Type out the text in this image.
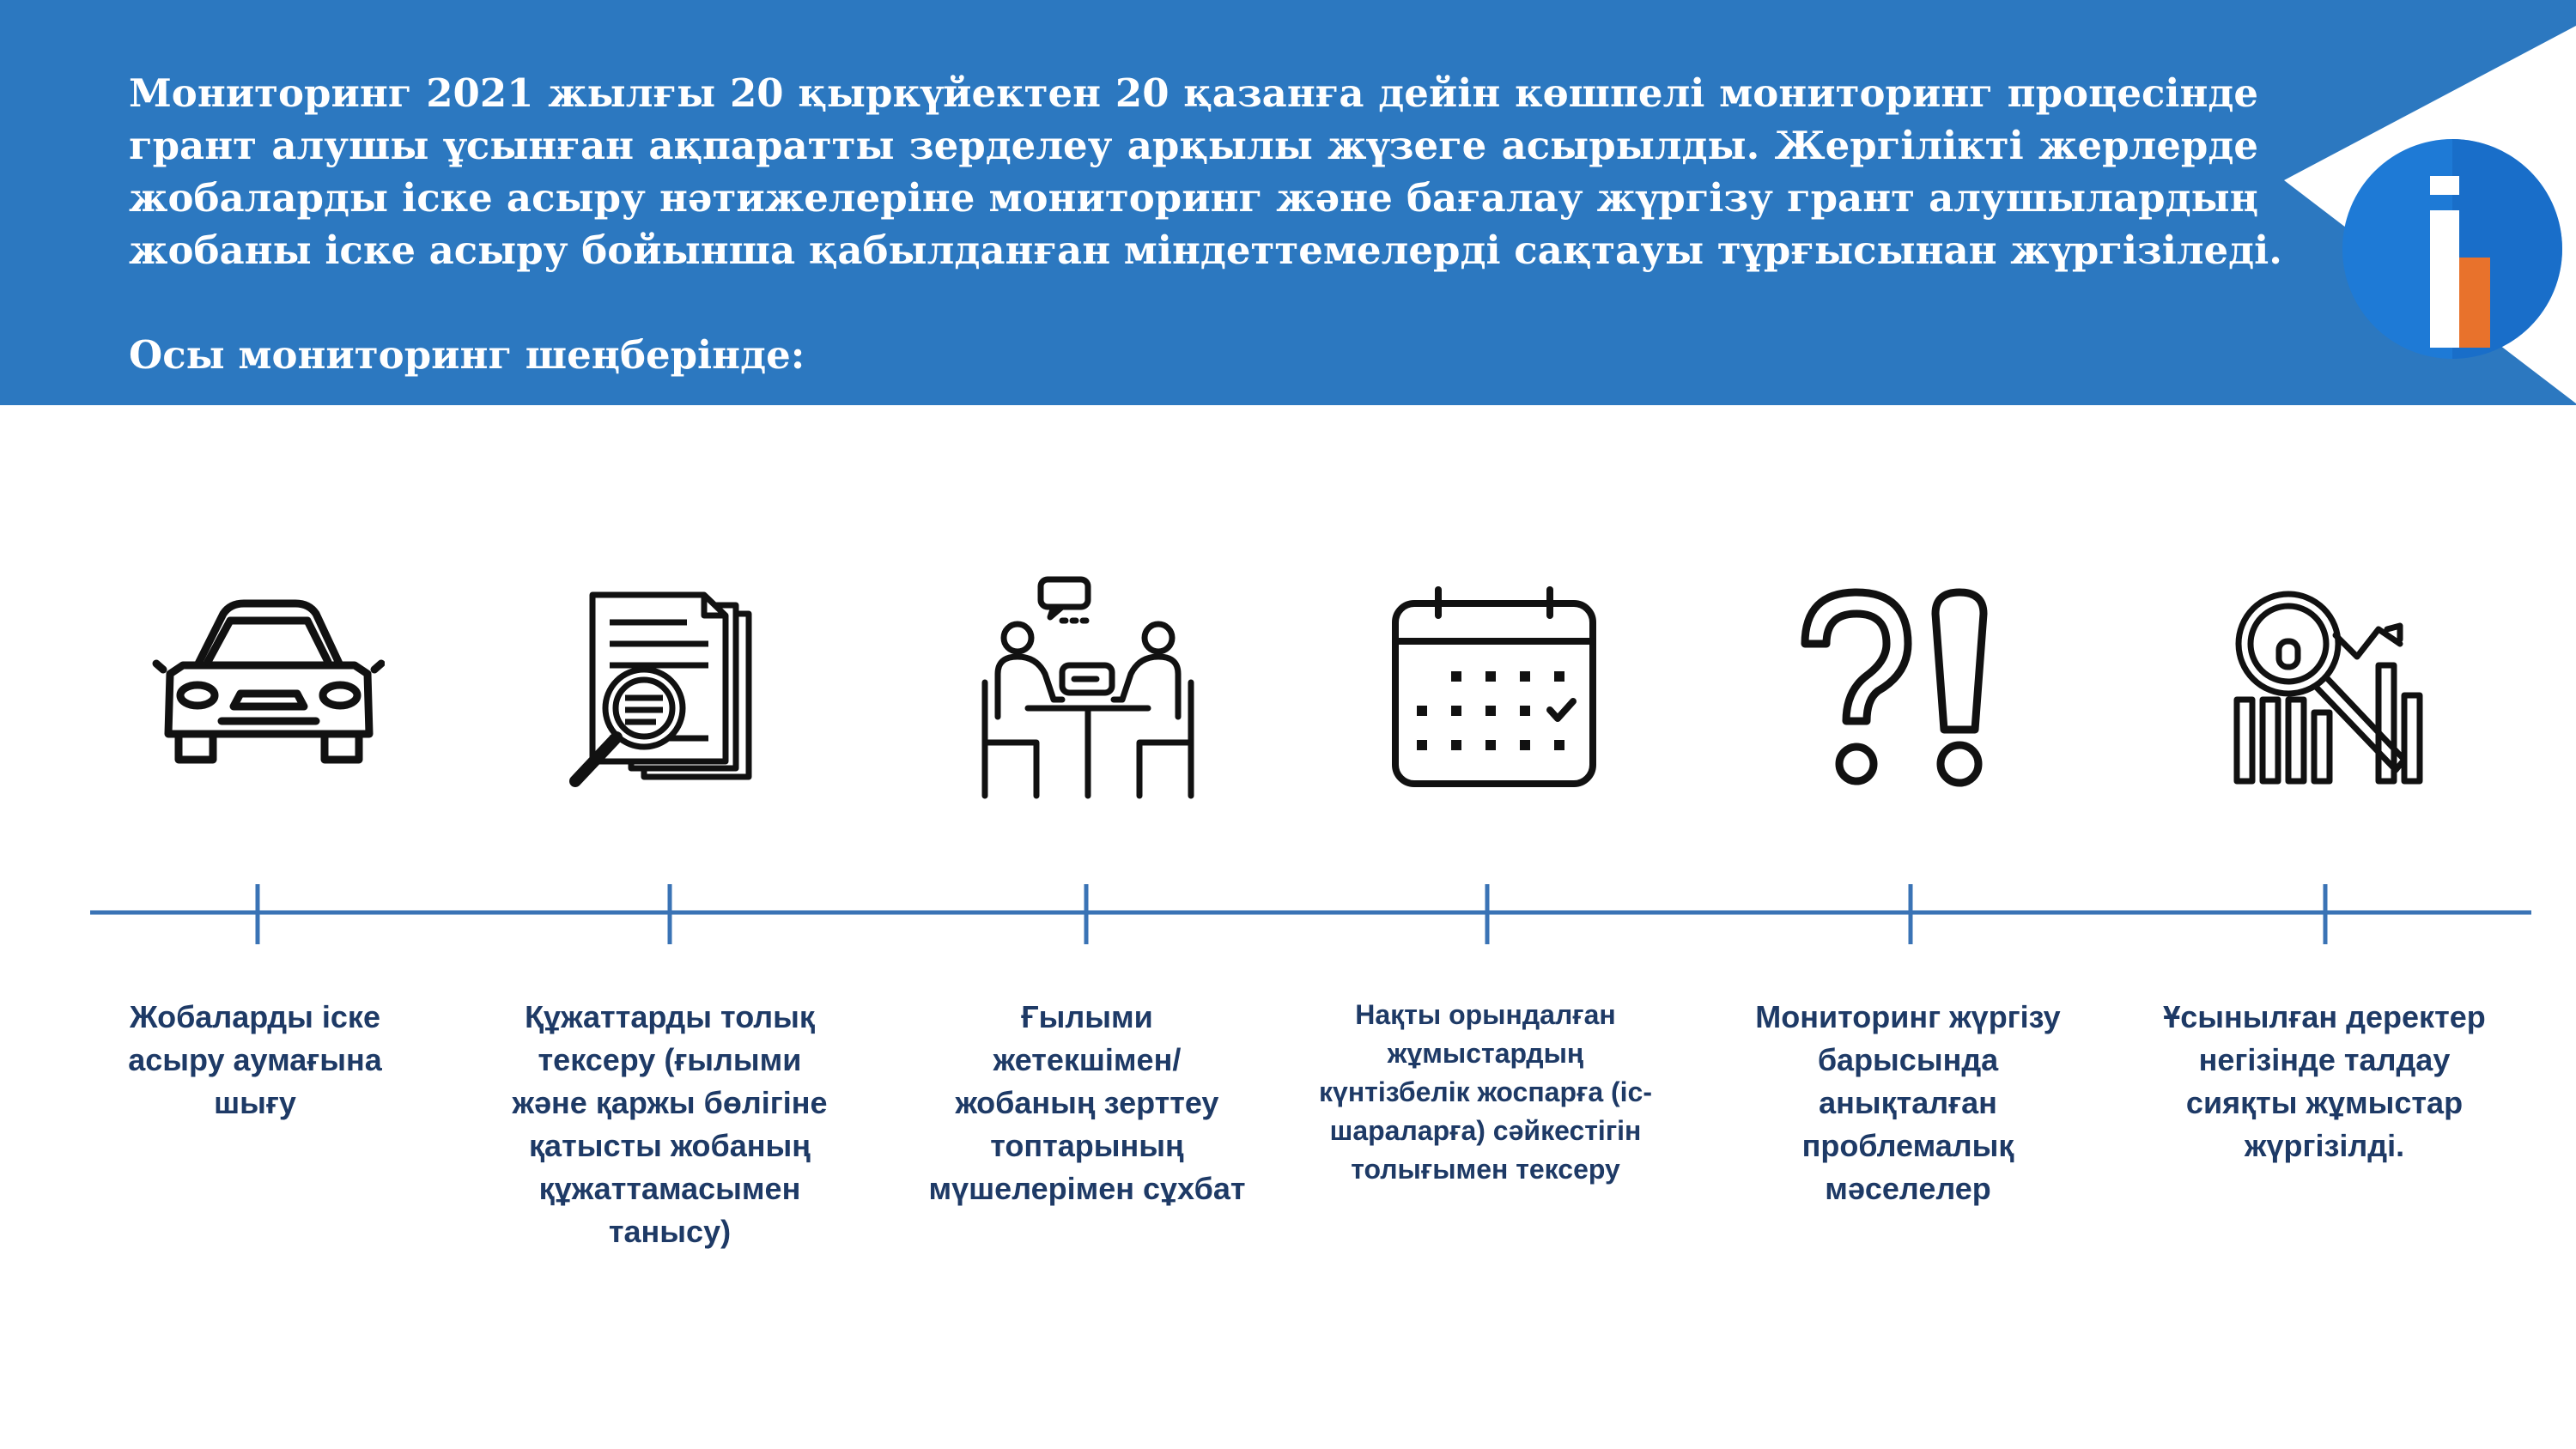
Мониторинг 2021 жылғы 20 қыркүйектен 20 қазанға дейін көшпелі мониторинг процесінде грант алушы ұсынған ақпаратты зерделеу арқылы жүзеге асырылды. Жергілікті жерлерде жобаларды іске асыру нәтижелеріне мониторинг және бағалау жүргізу грант алушылардың

жобаны іске асыру бойынша қабылданған міндеттемелерді сақтауы тұрғысынан жүргізіледі.

Осы мониторинг шеңберінде:

Жобаларды іске асыру аумағына шығу
Құжаттарды толық тексеру (ғылыми және қаржы бөлігіне қатысты жобаның құжаттамасымен танысу)
Ғылыми жетекшімен/ жобаның зерттеу топтарының мүшелерімен сұхбат
Нақты орындалған жұмыстардың күнтізбелік жоспарға (іс-шараларға) сәйкестігін толығымен тексеру
Мониторинг жүргізу барысында анықталған проблемалық мәселелер
Ұсынылған деректер негізінде талдау сияқты жұмыстар жүргізілді.
